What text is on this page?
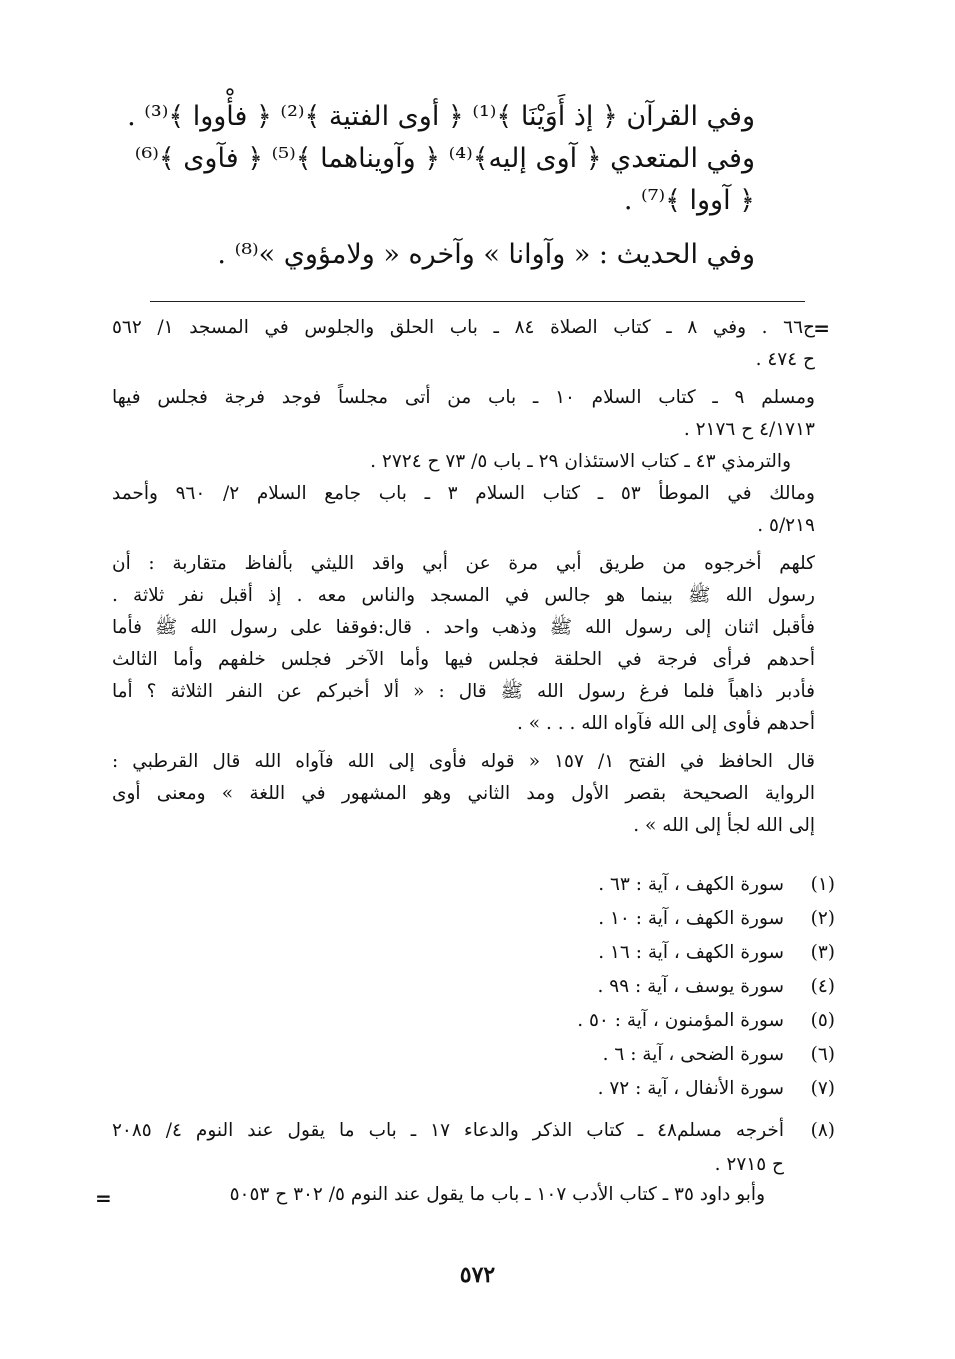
وفي القرآن ﴿ إذ أَوَيْنَا ﴾⁽¹⁾ ﴿ أوى الفتية ﴾⁽²⁾ ﴿ فأْووا ﴾⁽³⁾ .
وفي المتعدي ﴿ آوى إليه﴾⁽⁴⁾ ﴿ وآويناهما ﴾⁽⁵⁾ ﴿ فآوى ﴾⁽⁶⁾
﴿ آووا ﴾⁽⁷⁾ .
وفي الحديث : « وآوانا » وآخره « ولامؤوي »⁽⁸⁾ .
=
ح٦٦ . وفي ٨ ـ كتاب الصلاة ٨٤ ـ باب الحلق والجلوس في المسجد ١/ ٥٦٢
ح ٤٧٤ .
ومسلم ٩ ـ كتاب السلام ١٠ ـ باب من أتى مجلساً فوجد فرجة فجلس فيها
٤/١٧١٣ ح ٢١٧٦ .
والترمذي ٤٣ ـ كتاب الاستئذان ٢٩ ـ باب ٥/ ٧٣ ح ٢٧٢٤ .
ومالك في الموطأ ٥٣ ـ كتاب السلام ٣ ـ باب جامع السلام ٢/ ٩٦٠ وأحمد
٥/٢١٩ .
كلهم أخرجوه من طريق أبي مرة عن أبي واقد الليثي بألفاظ متقاربة : أن
رسول الله ﷺ بينما هو جالس في المسجد والناس معه . إذ أقبل نفر ثلاثة .
فأقبل اثنان إلى رسول الله ﷺ وذهب واحد . قال:فوقفا على رسول الله ﷺ فأما
أحدهم فرأى فرجة في الحلقة فجلس فيها وأما الآخر فجلس خلفهم وأما الثالث
فأدبر ذاهباً فلما فرغ رسول الله ﷺ قال : « ألا أخبركم عن النفر الثلاثة ؟ أما
أحدهم فأوى إلى الله فآواه الله . . . » .
قال الحافظ في الفتح ١/ ١٥٧ « قوله فأوى إلى الله فآواه الله قال القرطبي :
الرواية الصحيحة بقصر الأول ومد الثاني وهو المشهور في اللغة » ومعنى أوى
إلى الله لجأ إلى الله » .
(١)
سورة الكهف ، آية : ٦٣ .
(٢)
سورة الكهف ، آية : ١٠ .
(٣)
سورة الكهف ، آية : ١٦ .
(٤)
سورة يوسف ، آية : ٩٩ .
(٥)
سورة المؤمنون ، آية : ٥٠ .
(٦)
سورة الضحى ، آية : ٦ .
(٧)
سورة الأنفال ، آية : ٧٢ .
(٨)
أخرجه مسلم٤٨ ـ كتاب الذكر والدعاء ١٧ ـ باب ما يقول عند النوم ٤/ ٢٠٨٥
ح ٢٧١٥ .
وأبو داود ٣٥ ـ كتاب الأدب ١٠٧ ـ باب ما يقول عند النوم ٥/ ٣٠٢ ح ٥٠٥٣
=
٥٧٢
